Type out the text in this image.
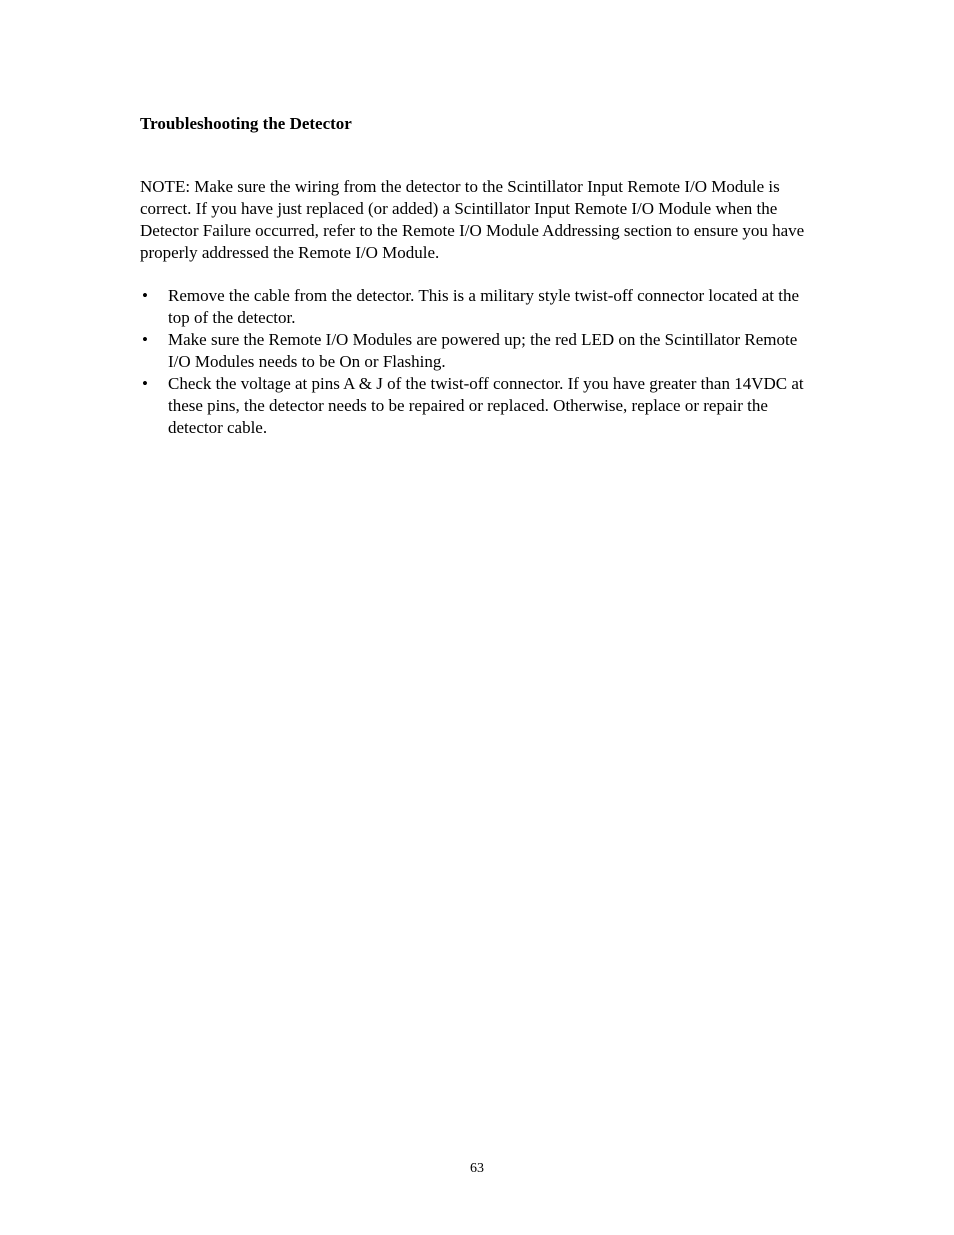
Troubleshooting the Detector

NOTE: Make sure the wiring from the detector to the Scintillator Input Remote I/O Module is correct. If you have just replaced (or added) a Scintillator Input Remote I/O Module when the Detector Failure occurred, refer to the Remote I/O Module Addressing section to ensure you have properly addressed the Remote I/O Module.

• Remove the cable from the detector. This is a military style twist-off connector located at the top of the detector.
• Make sure the Remote I/O Modules are powered up; the red LED on the Scintillator Remote I/O Modules needs to be On or Flashing.
• Check the voltage at pins A & J of the twist-off connector. If you have greater than 14VDC at these pins, the detector needs to be repaired or replaced. Otherwise, replace or repair the detector cable.
63
